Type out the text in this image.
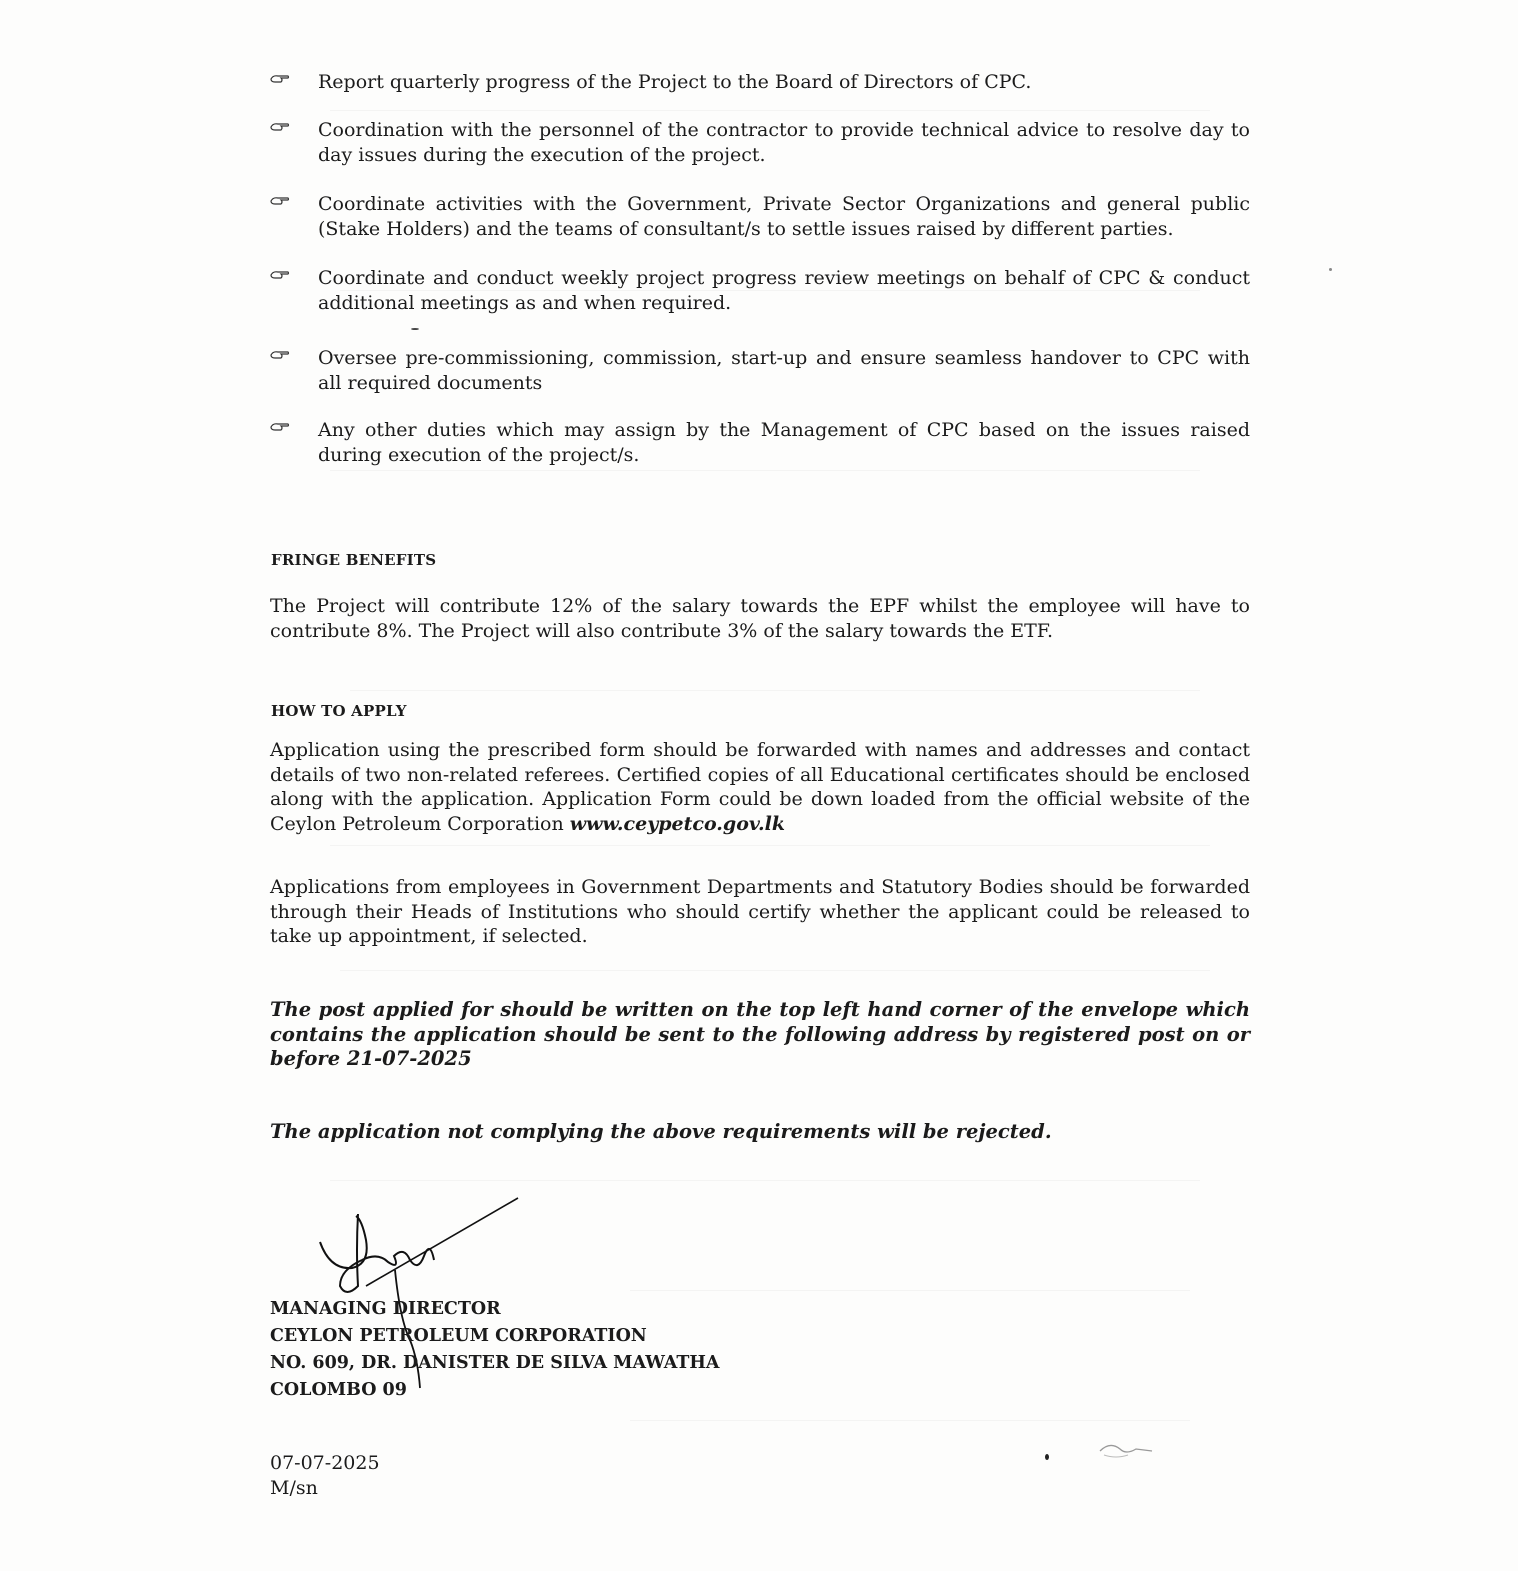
Report quarterly progress of the Project to the Board of Directors of CPC.
Coordination with the personnel of the contractor to provide technical advice to resolve day to day issues during the execution of the project.
Coordinate activities with the Government, Private Sector Organizations and general public (Stake Holders) and the teams of consultant/s to settle issues raised by different parties.
Coordinate and conduct weekly project progress review meetings on behalf of CPC & conduct additional meetings as and when required.
Oversee pre-commissioning, commission, start-up and ensure seamless handover to CPC with all required documents
Any other duties which may assign by the Management of CPC based on the issues raised during execution of the project/s.
FRINGE BENEFITS
The Project will contribute 12% of the salary towards the EPF whilst the employee will have to contribute 8%. The Project will also contribute 3% of the salary towards the ETF.
HOW TO APPLY
Application using the prescribed form should be forwarded with names and addresses and contact details of two non-related referees. Certified copies of all Educational certificates should be enclosed along with the application. Application Form could be down loaded from the official website of the Ceylon Petroleum Corporation www.ceypetco.gov.lk
Applications from employees in Government Departments and Statutory Bodies should be forwarded through their Heads of Institutions who should certify whether the applicant could be released to take up appointment, if selected.
The post applied for should be written on the top left hand corner of the envelope which contains the application should be sent to the following address by registered post on or before 21-07-2025
The application not complying the above requirements will be rejected.
MANAGING DIRECTOR
CEYLON PETROLEUM CORPORATION
NO. 609, DR. DANISTER DE SILVA MAWATHA
COLOMBO 09
07-07-2025
M/sn
